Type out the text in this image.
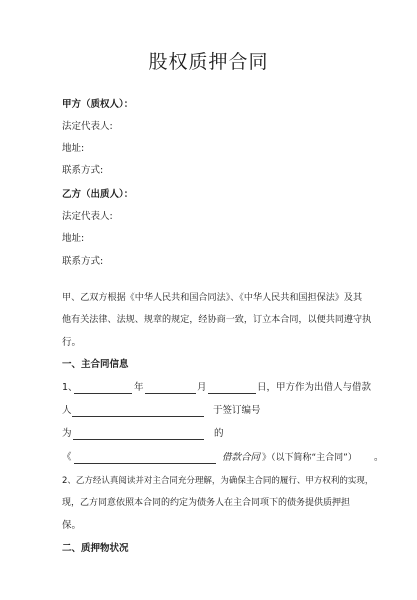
股权质押合同
甲方（质权人）：
法定代表人:
地址:
联系方式:
乙方（出质人）：
法定代表人:
地址:
联系方式:
甲、乙双方根据《中华人民共和国合同法》、《中华人民共和国担保法》及其
他有关法律、法规、规章的规定，经协商一致，订立本合同，以便共同遵守执
行。
一、主合同信息
1、	年	月	日，甲方作为出借人与借款
人	于签订编号
为	的
《	借款合同 》（以下简称“主合同”） 。
2、乙方经认真阅读并对主合同充分理解，为确保主合同的履行、甲方权利的实现，
现，乙方同意依照本合同的约定为债务人在主合同项下的债务提供质押担
保。
二、质押物状况
